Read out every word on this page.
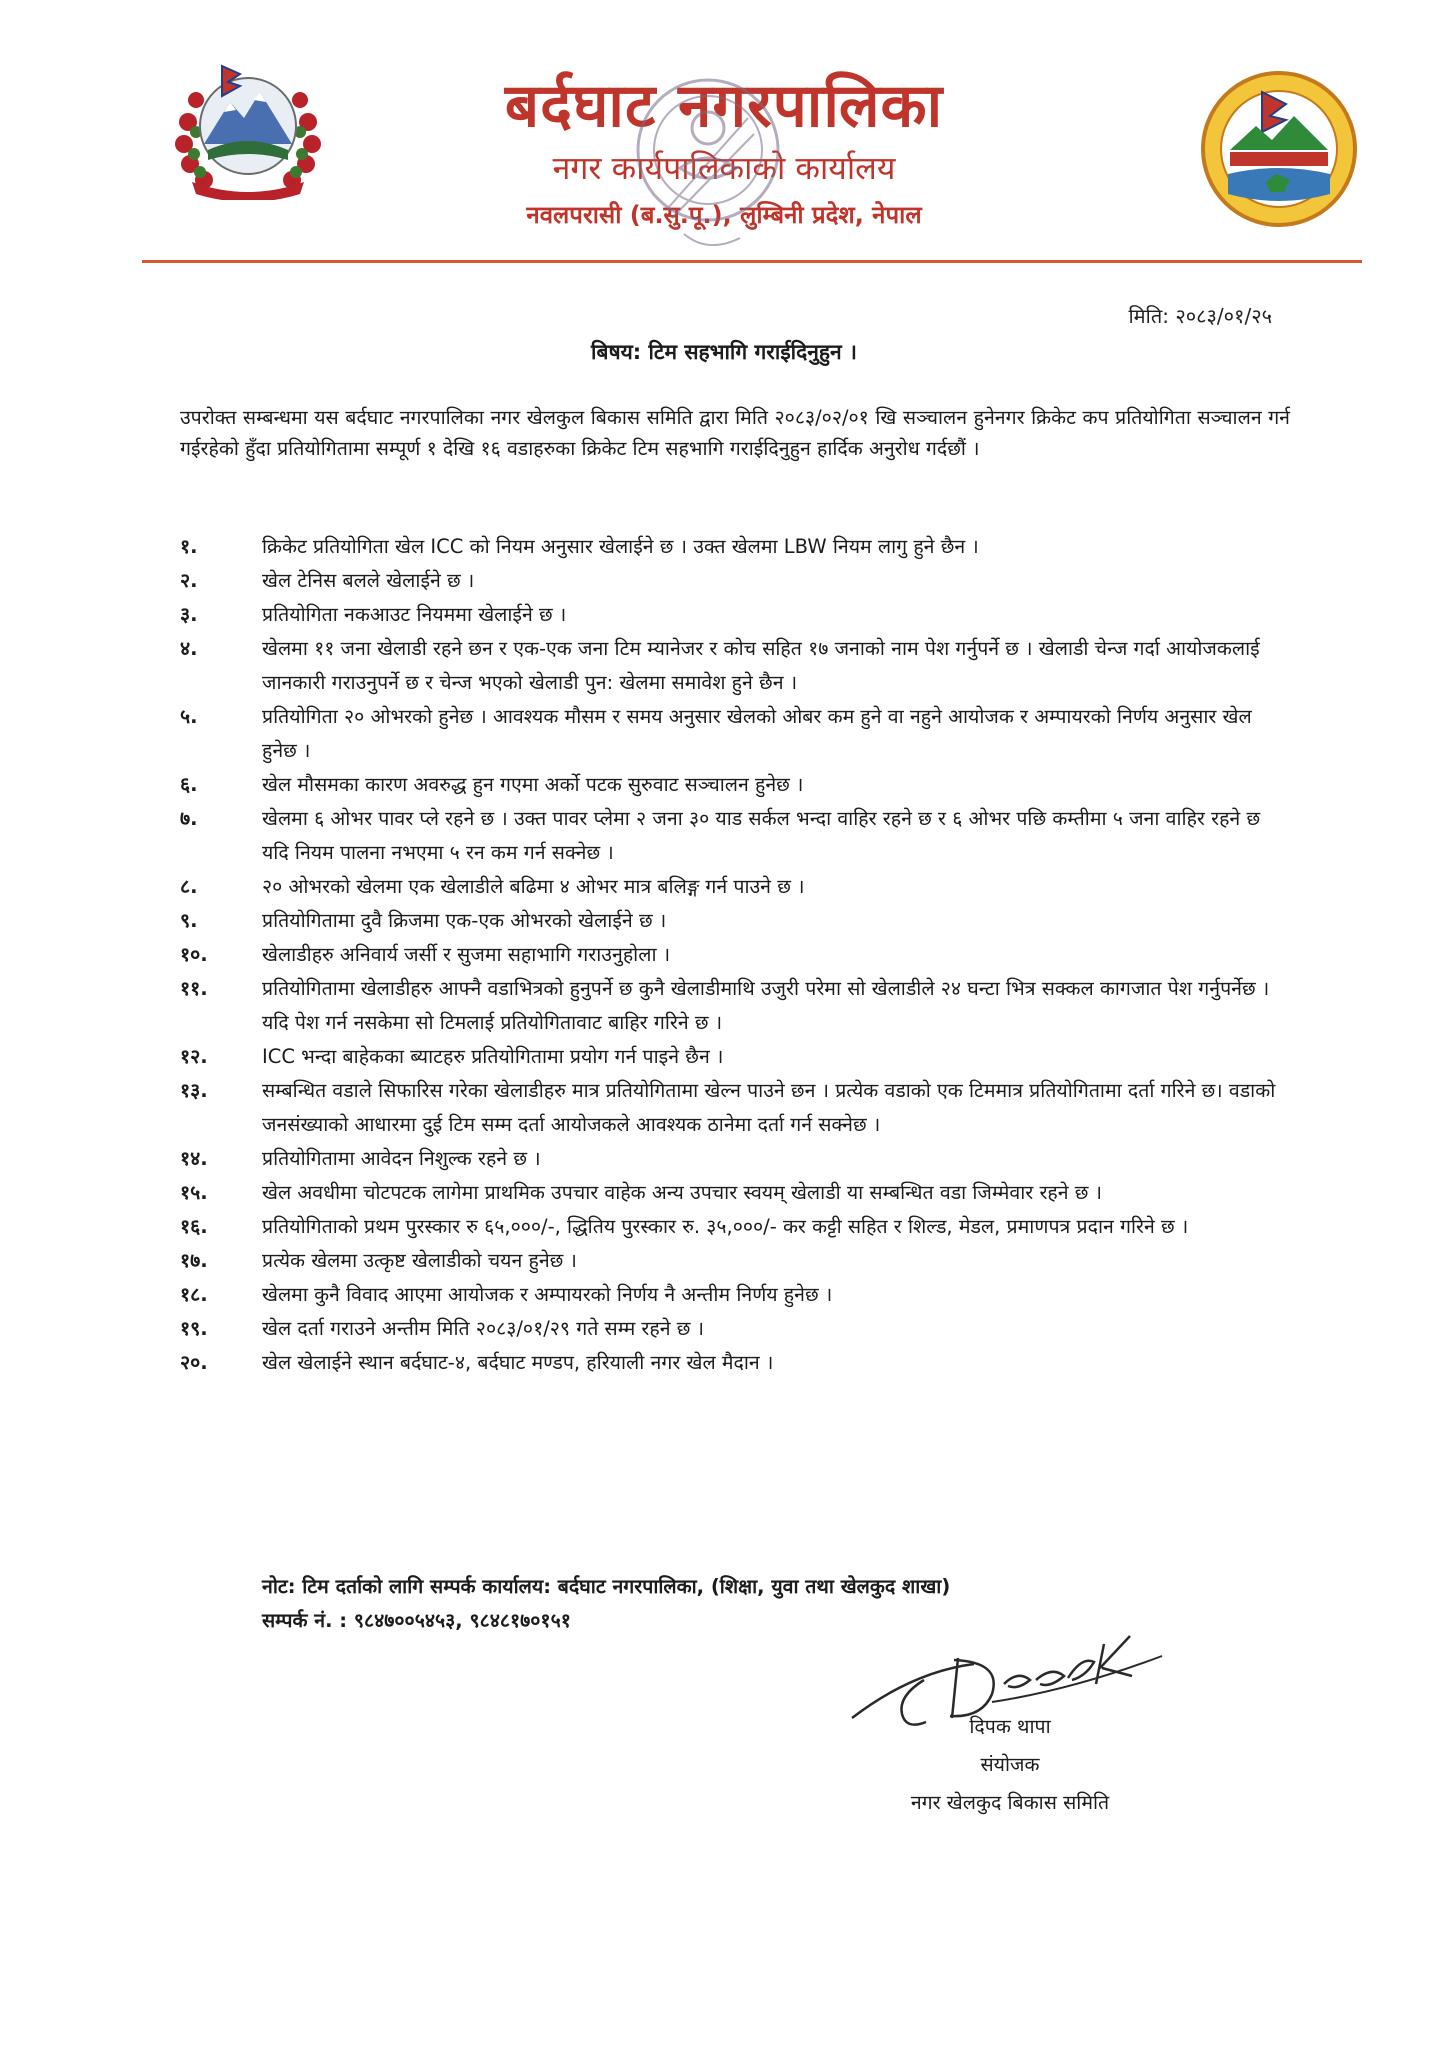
बर्दघाट नगरपालिका
नगर कार्यपालिकाको कार्यालय
नवलपरासी (ब.सु.पू.), लुम्बिनी प्रदेश, नेपाल
मिति: २०८३/०१/२५
बिषय: टिम सहभागि गराईदिनुहुन ।
उपरोक्त सम्बन्धमा यस बर्दघाट नगरपालिका नगर खेलकुल बिकास समिति द्वारा मिति २०८३/०२/०१ खि सञ्चालन हुनेनगर क्रिकेट कप प्रतियोगिता सञ्चालन गर्न गईरहेको हुँदा प्रतियोगितामा सम्पूर्ण १ देखि १६ वडाहरुका क्रिकेट टिम सहभागि गराईदिनुहुन हार्दिक अनुरोध गर्दछौं ।
१.	क्रिकेट प्रतियोगिता खेल ICC को नियम अनुसार खेलाईने छ । उक्त खेलमा LBW नियम लागु हुने छैन ।
२.	खेल टेनिस बलले खेलाईने छ ।
३.	प्रतियोगिता नकआउट नियममा खेलाईने छ ।
४.	खेलमा ११ जना खेलाडी रहने छन र एक-एक जना टिम म्यानेजर र कोच सहित १७ जनाको नाम पेश गर्नुपर्ने छ । खेलाडी चेन्ज गर्दा आयोजकलाई जानकारी गराउनुपर्ने छ र चेन्ज भएको खेलाडी पुन: खेलमा समावेश हुने छैन ।
५.	प्रतियोगिता २० ओभरको हुनेछ । आवश्यक मौसम र समय अनुसार खेलको ओबर कम हुने वा नहुने आयोजक र अम्पायरको निर्णय अनुसार खेल हुनेछ ।
६.	खेल मौसमका कारण अवरुद्ध हुन गएमा अर्को पटक सुरुवाट सञ्चालन हुनेछ ।
७.	खेलमा ६ ओभर पावर प्ले रहने छ । उक्त पावर प्लेमा २ जना ३० याड सर्कल भन्दा वाहिर रहने छ र ६ ओभर पछि कम्तीमा ५ जना वाहिर रहने छ यदि नियम पालना नभएमा ५ रन कम गर्न सक्नेछ ।
८.	२० ओभरको खेलमा एक खेलाडीले बढिमा ४ ओभर मात्र बलिङ्ग गर्न पाउने छ ।
९.	प्रतियोगितामा दुवै क्रिजमा एक-एक ओभरको खेलाईने छ ।
१०.	खेलाडीहरु अनिवार्य जर्सी र सुजमा सहाभागि गराउनुहोला ।
११.	प्रतियोगितामा खेलाडीहरु आफ्नै वडाभित्रको हुनुपर्ने छ कुनै खेलाडीमाथि उजुरी परेमा सो खेलाडीले २४ घन्टा भित्र सक्कल कागजात पेश गर्नुपर्नेछ । यदि पेश गर्न नसकेमा सो टिमलाई प्रतियोगितावाट बाहिर गरिने छ ।
१२.	ICC भन्दा बाहेकका ब्याटहरु प्रतियोगितामा प्रयोग गर्न पाइने छैन ।
१३.	सम्बन्धित वडाले सिफारिस गरेका खेलाडीहरु मात्र प्रतियोगितामा खेल्न पाउने छन । प्रत्येक वडाको एक टिममात्र प्रतियोगितामा दर्ता गरिने छ। वडाको जनसंख्याको आधारमा दुई टिम सम्म दर्ता आयोजकले आवश्यक ठानेमा दर्ता गर्न सक्नेछ ।
१४.	प्रतियोगितामा आवेदन निशुल्क रहने छ ।
१५.	खेल अवधीमा चोटपटक लागेमा प्राथमिक उपचार वाहेक अन्य उपचार स्वयम् खेलाडी या सम्बन्धित वडा जिम्मेवार रहने छ ।
१६.	प्रतियोगिताको प्रथम पुरस्कार रु ६५,०००/-, द्धितिय पुरस्कार रु. ३५,०००/- कर कट्टी सहित र शिल्ड, मेडल, प्रमाणपत्र प्रदान गरिने छ ।
१७.	प्रत्येक खेलमा उत्कृष्ट खेलाडीको चयन हुनेछ ।
१८.	खेलमा कुनै विवाद आएमा आयोजक र अम्पायरको निर्णय नै अन्तीम निर्णय हुनेछ ।
१९.	खेल दर्ता गराउने अन्तीम मिति २०८३/०१/२९ गते सम्म रहने छ ।
२०.	खेल खेलाईने स्थान बर्दघाट-४, बर्दघाट मण्डप, हरियाली नगर खेल मैदान ।
नोट: टिम दर्ताको लागि सम्पर्क कार्यालय: बर्दघाट नगरपालिका, (शिक्षा, युवा तथा खेलकुद शाखा)
सम्पर्क नं. : ९८४७००५४५३, ९८४८१७०१५१
दिपक थापा
संयोजक
नगर खेलकुद बिकास समिति
